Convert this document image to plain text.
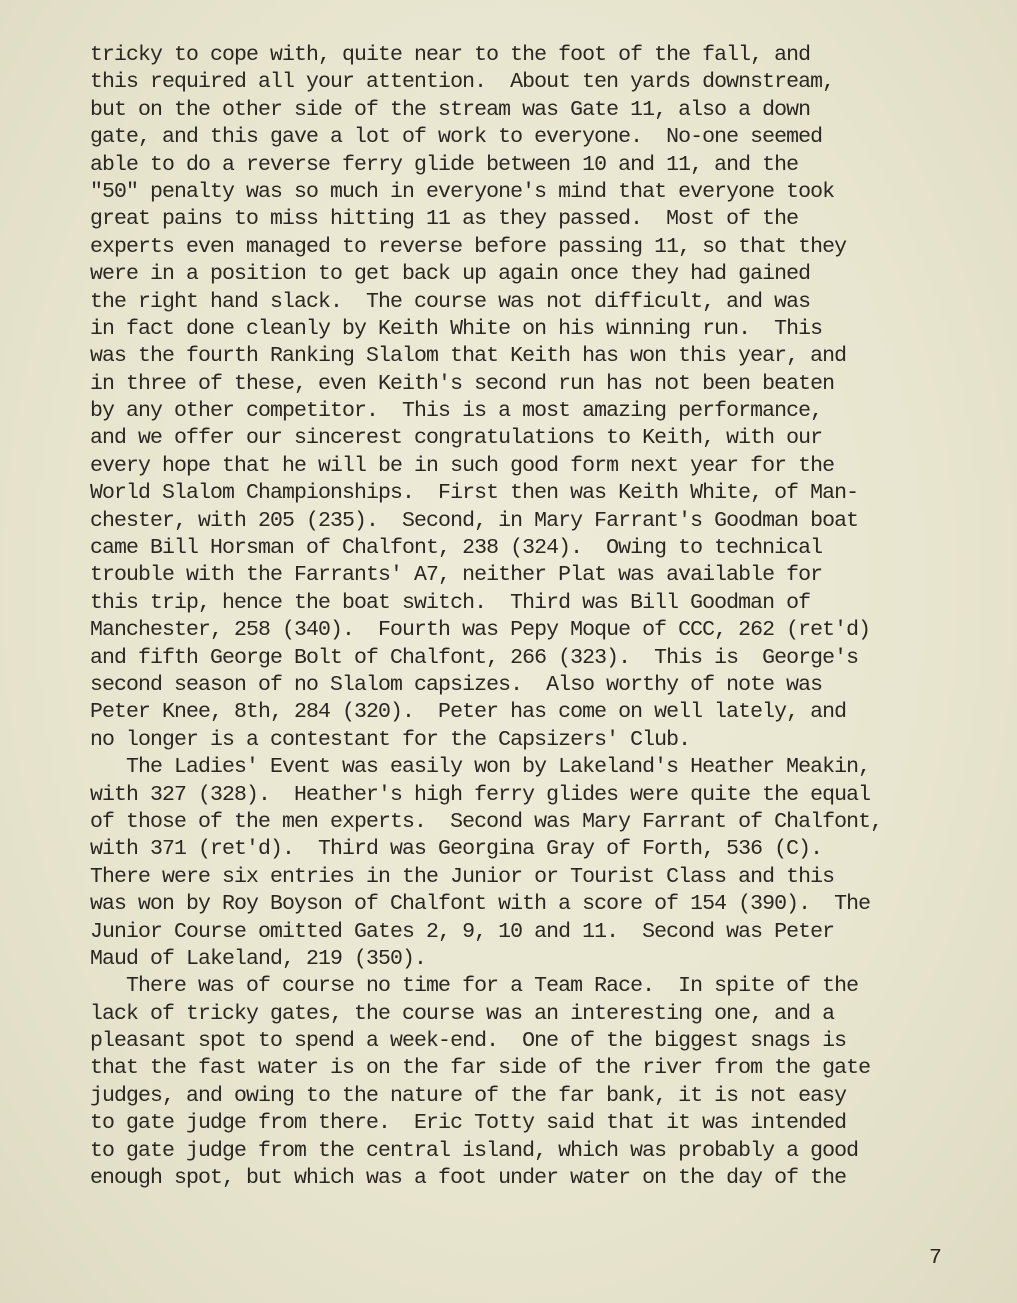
tricky to cope with, quite near to the foot of the fall, and
this required all your attention.  About ten yards downstream,
but on the other side of the stream was Gate 11, also a down
gate, and this gave a lot of work to everyone.  No-one seemed
able to do a reverse ferry glide between 10 and 11, and the
"50" penalty was so much in everyone's mind that everyone took
great pains to miss hitting 11 as they passed.  Most of the
experts even managed to reverse before passing 11, so that they
were in a position to get back up again once they had gained
the right hand slack.  The course was not difficult, and was
in fact done cleanly by Keith White on his winning run.  This
was the fourth Ranking Slalom that Keith has won this year, and
in three of these, even Keith's second run has not been beaten
by any other competitor.  This is a most amazing performance,
and we offer our sincerest congratulations to Keith, with our
every hope that he will be in such good form next year for the
World Slalom Championships.  First then was Keith White, of Man-
chester, with 205 (235).  Second, in Mary Farrant's Goodman boat
came Bill Horsman of Chalfont, 238 (324).  Owing to technical
trouble with the Farrants' A7, neither Plat was available for
this trip, hence the boat switch.  Third was Bill Goodman of
Manchester, 258 (340).  Fourth was Pepy Moque of CCC, 262 (ret'd)
and fifth George Bolt of Chalfont, 266 (323).  This is  George's
second season of no Slalom capsizes.  Also worthy of note was
Peter Knee, 8th, 284 (320).  Peter has come on well lately, and
no longer is a contestant for the Capsizers' Club.
The Ladies' Event was easily won by Lakeland's Heather Meakin,
with 327 (328).  Heather's high ferry glides were quite the equal
of those of the men experts.  Second was Mary Farrant of Chalfont,
with 371 (ret'd).  Third was Georgina Gray of Forth, 536 (C).
There were six entries in the Junior or Tourist Class and this
was won by Roy Boyson of Chalfont with a score of 154 (390).  The
Junior Course omitted Gates 2, 9, 10 and 11.  Second was Peter
Maud of Lakeland, 219 (350).
There was of course no time for a Team Race.  In spite of the
lack of tricky gates, the course was an interesting one, and a
pleasant spot to spend a week-end.  One of the biggest snags is
that the fast water is on the far side of the river from the gate
judges, and owing to the nature of the far bank, it is not easy
to gate judge from there.  Eric Totty said that it was intended
to gate judge from the central island, which was probably a good
enough spot, but which was a foot under water on the day of the
7
